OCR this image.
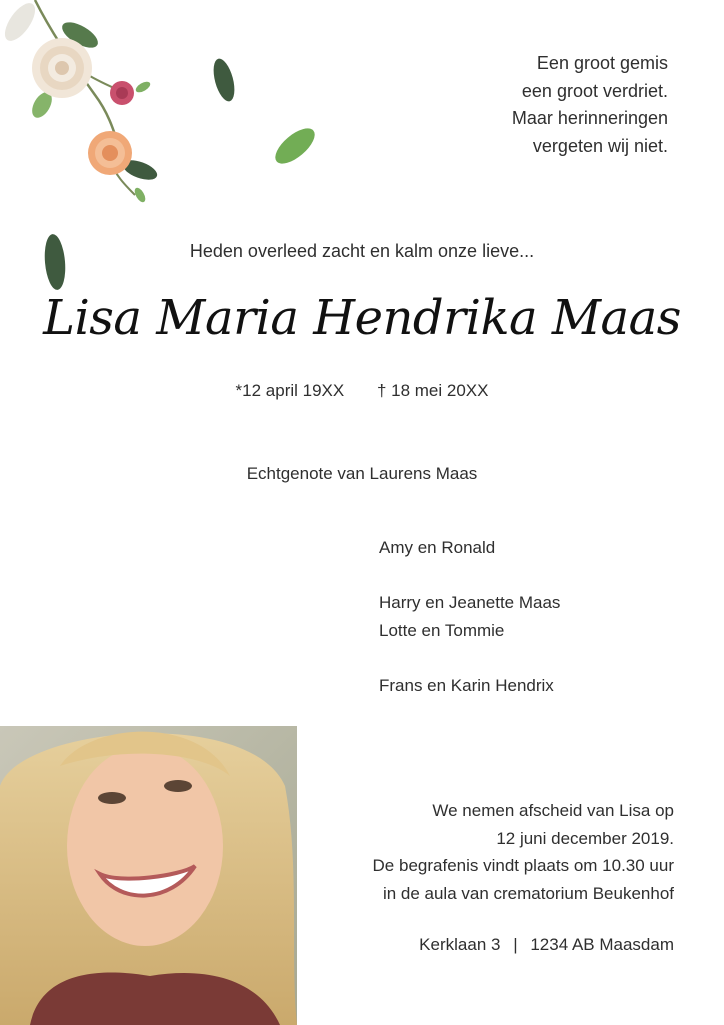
Een groot gemis
een groot verdriet.
Maar herinneringen
vergeten wij niet.
Heden overleed zacht en kalm onze lieve...
Lisa Maria Hendrika Maas
*12 april 19XX † 18 mei 20XX
Echtgenote van Laurens Maas
Amy en Ronald
Harry en Jeanette Maas
Lotte en Tommie
Frans en Karin Hendrix
We nemen afscheid van Lisa op
12 juni december 2019.
De begrafenis vindt plaats om 10.30 uur
in de aula van crematorium Beukenhof
Kerklaan 3 | 1234 AB Maasdam
